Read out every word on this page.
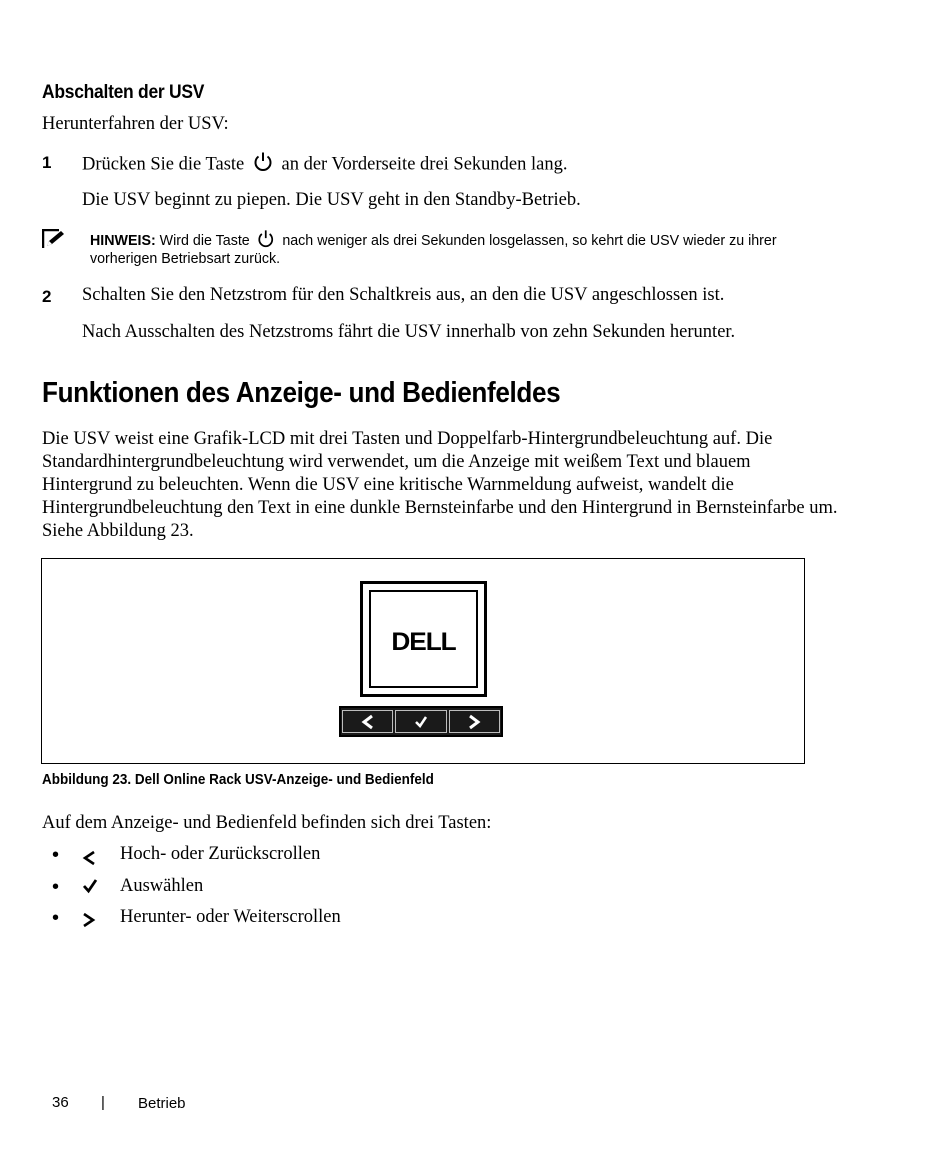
Abschalten der USV
Herunterfahren der USV:
1 Drücken Sie die Taste an der Vorderseite drei Sekunden lang.
Die USV beginnt zu piepen. Die USV geht in den Standby-Betrieb.
HINWEIS: Wird die Taste nach weniger als drei Sekunden losgelassen, so kehrt die USV wieder zu ihrer
vorherigen Betriebsart zurück.
2 Schalten Sie den Netzstrom für den Schaltkreis aus, an den die USV angeschlossen ist.
Nach Ausschalten des Netzstroms fährt die USV innerhalb von zehn Sekunden herunter.
Funktionen des Anzeige- und Bedienfeldes
Die USV weist eine Grafik-LCD mit drei Tasten und Doppelfarb-Hintergrundbeleuchtung auf. Die Standardhintergrundbeleuchtung wird verwendet, um die Anzeige mit weißem Text und blauem Hintergrund zu beleuchten. Wenn die USV eine kritische Warnmeldung aufweist, wandelt die Hintergrundbeleuchtung den Text in eine dunkle Bernsteinfarbe und den Hintergrund in Bernsteinfarbe um. Siehe Abbildung 23.
DELL
Abbildung 23. Dell Online Rack USV-Anzeige- und Bedienfeld
Auf dem Anzeige- und Bedienfeld befinden sich drei Tasten:
•	Hoch- oder Zurückscrollen
•	Auswählen
•	Herunter- oder Weiterscrollen
36 | Betrieb
